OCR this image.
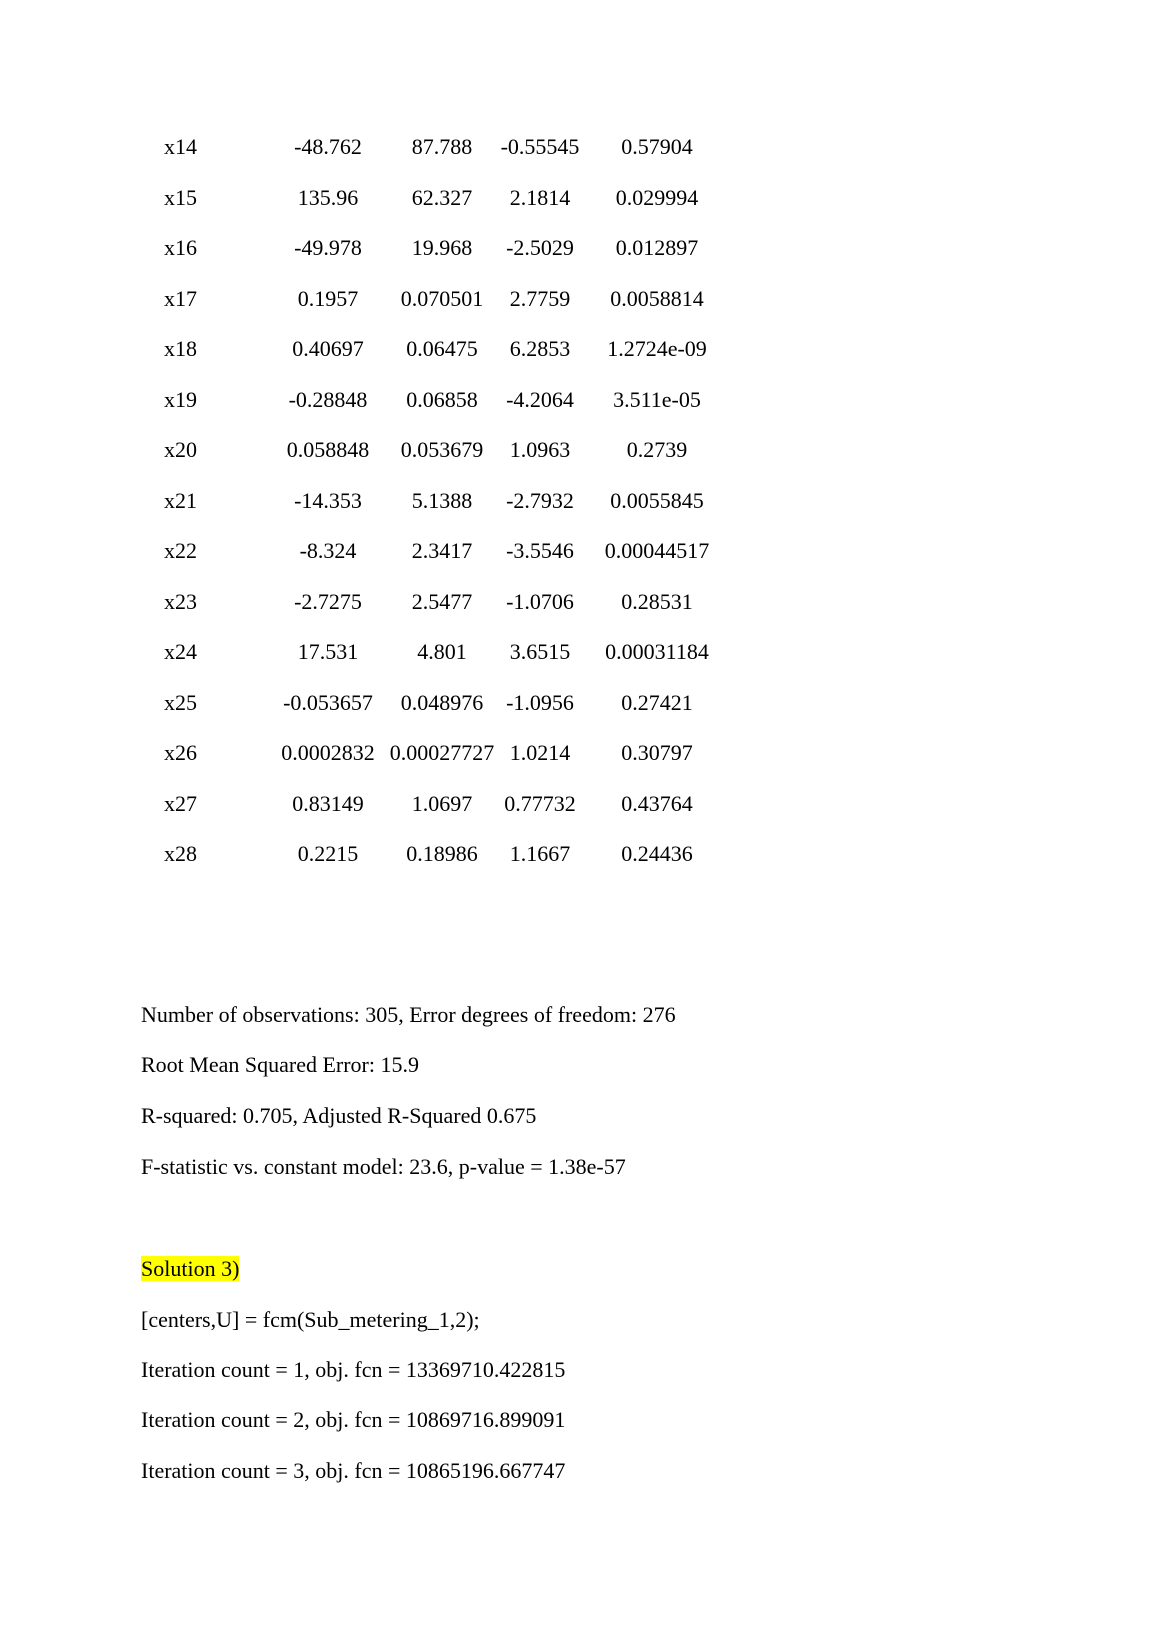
x14	-48.762	87.788	-0.55545	0.57904
x15	135.96	62.327	2.1814	0.029994
x16	-49.978	19.968	-2.5029	0.012897
x17	0.1957	0.070501	2.7759	0.0058814
x18	0.40697	0.06475	6.2853	1.2724e-09
x19	-0.28848	0.06858	-4.2064	3.511e-05
x20	0.058848	0.053679	1.0963	0.2739
x21	-14.353	5.1388	-2.7932	0.0055845
x22	-8.324	2.3417	-3.5546	0.00044517
x23	-2.7275	2.5477	-1.0706	0.28531
x24	17.531	4.801	3.6515	0.00031184
x25	-0.053657	0.048976	-1.0956	0.27421
x26	0.0002832 0.00027727 1.0214	0.30797
x27	0.83149	1.0697	0.77732	0.43764
x28	0.2215	0.18986	1.1667	0.24436
Number of observations: 305, Error degrees of freedom: 276
Root Mean Squared Error: 15.9
R-squared: 0.705, Adjusted R-Squared 0.675
F-statistic vs. constant model: 23.6, p-value = 1.38e-57
Solution 3)
[centers,U] = fcm(Sub_metering_1,2);
Iteration count = 1, obj. fcn = 13369710.422815
Iteration count = 2, obj. fcn = 10869716.899091
Iteration count = 3, obj. fcn = 10865196.667747
